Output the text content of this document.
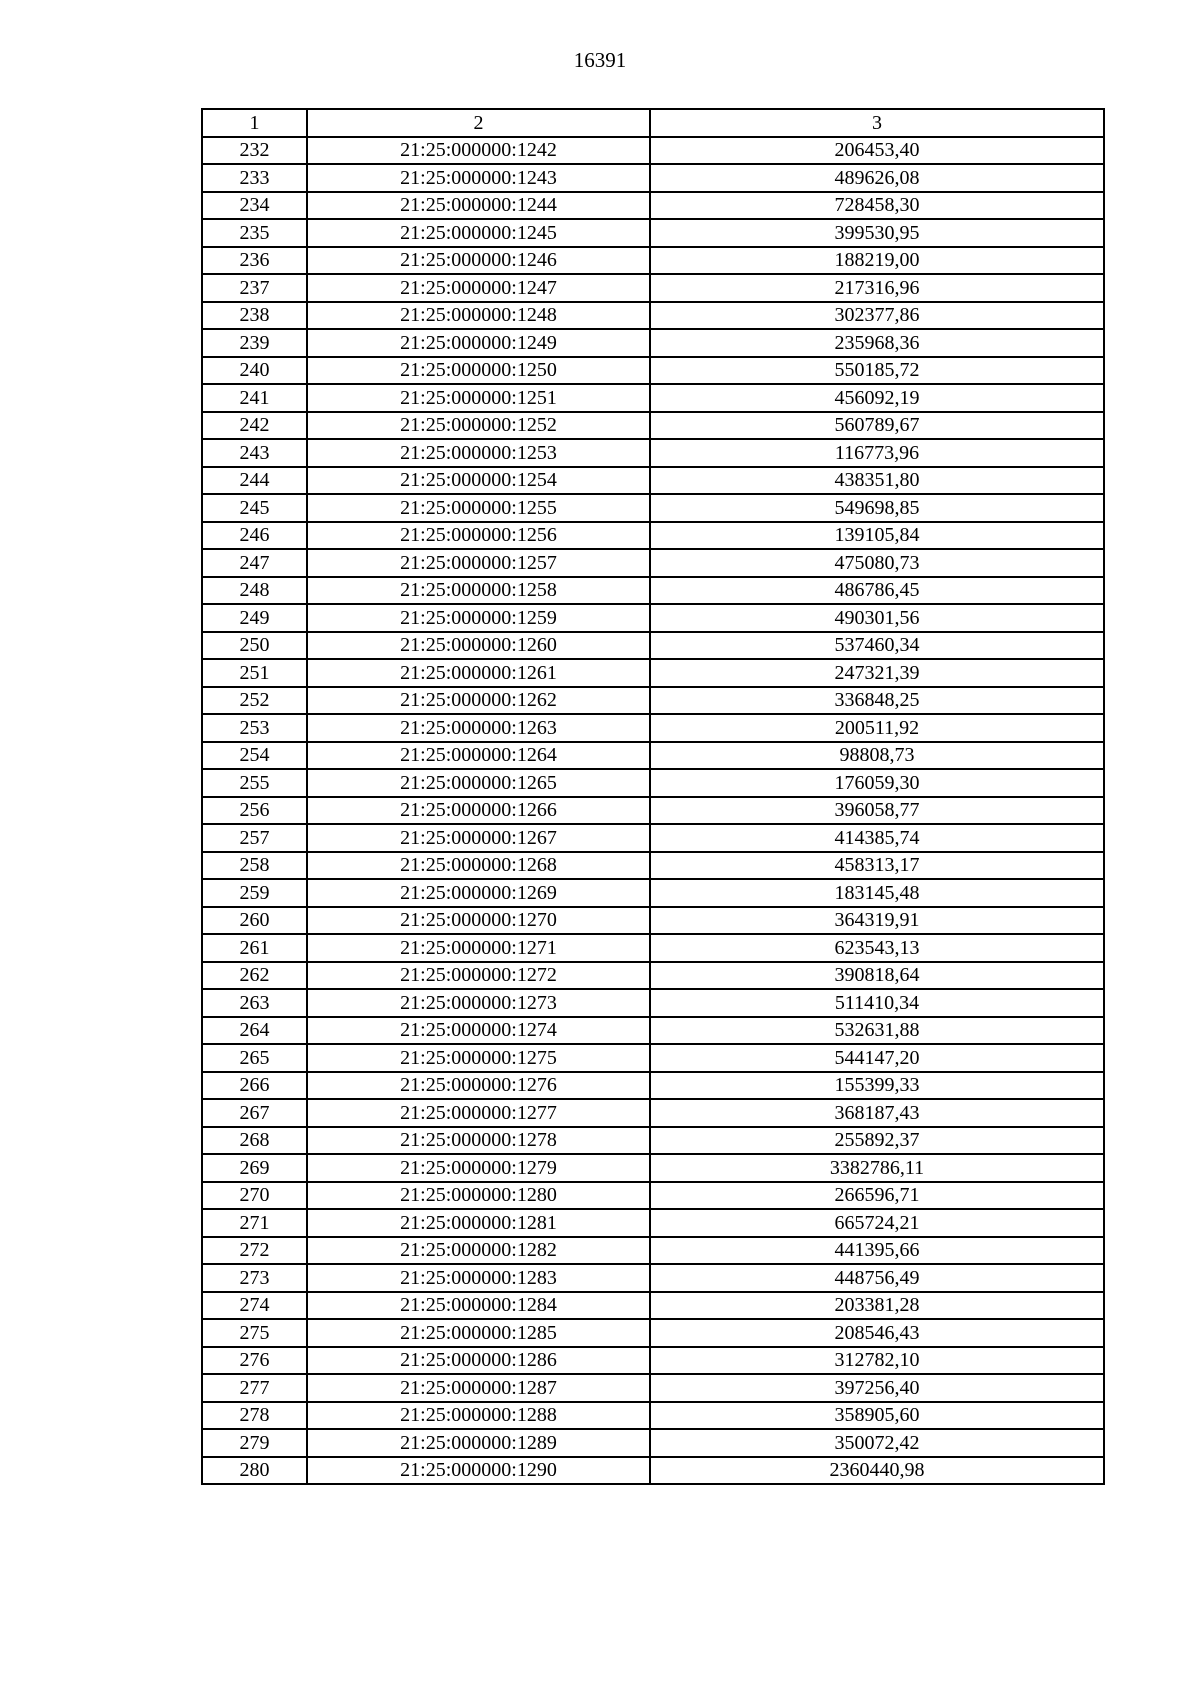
16391
1	2	3
232	21:25:000000:1242	206453,40
233	21:25:000000:1243	489626,08
234	21:25:000000:1244	728458,30
235	21:25:000000:1245	399530,95
236	21:25:000000:1246	188219,00
237	21:25:000000:1247	217316,96
238	21:25:000000:1248	302377,86
239	21:25:000000:1249	235968,36
240	21:25:000000:1250	550185,72
241	21:25:000000:1251	456092,19
242	21:25:000000:1252	560789,67
243	21:25:000000:1253	116773,96
244	21:25:000000:1254	438351,80
245	21:25:000000:1255	549698,85
246	21:25:000000:1256	139105,84
247	21:25:000000:1257	475080,73
248	21:25:000000:1258	486786,45
249	21:25:000000:1259	490301,56
250	21:25:000000:1260	537460,34
251	21:25:000000:1261	247321,39
252	21:25:000000:1262	336848,25
253	21:25:000000:1263	200511,92
254	21:25:000000:1264	98808,73
255	21:25:000000:1265	176059,30
256	21:25:000000:1266	396058,77
257	21:25:000000:1267	414385,74
258	21:25:000000:1268	458313,17
259	21:25:000000:1269	183145,48
260	21:25:000000:1270	364319,91
261	21:25:000000:1271	623543,13
262	21:25:000000:1272	390818,64
263	21:25:000000:1273	511410,34
264	21:25:000000:1274	532631,88
265	21:25:000000:1275	544147,20
266	21:25:000000:1276	155399,33
267	21:25:000000:1277	368187,43
268	21:25:000000:1278	255892,37
269	21:25:000000:1279	3382786,11
270	21:25:000000:1280	266596,71
271	21:25:000000:1281	665724,21
272	21:25:000000:1282	441395,66
273	21:25:000000:1283	448756,49
274	21:25:000000:1284	203381,28
275	21:25:000000:1285	208546,43
276	21:25:000000:1286	312782,10
277	21:25:000000:1287	397256,40
278	21:25:000000:1288	358905,60
279	21:25:000000:1289	350072,42
280	21:25:000000:1290	2360440,98
